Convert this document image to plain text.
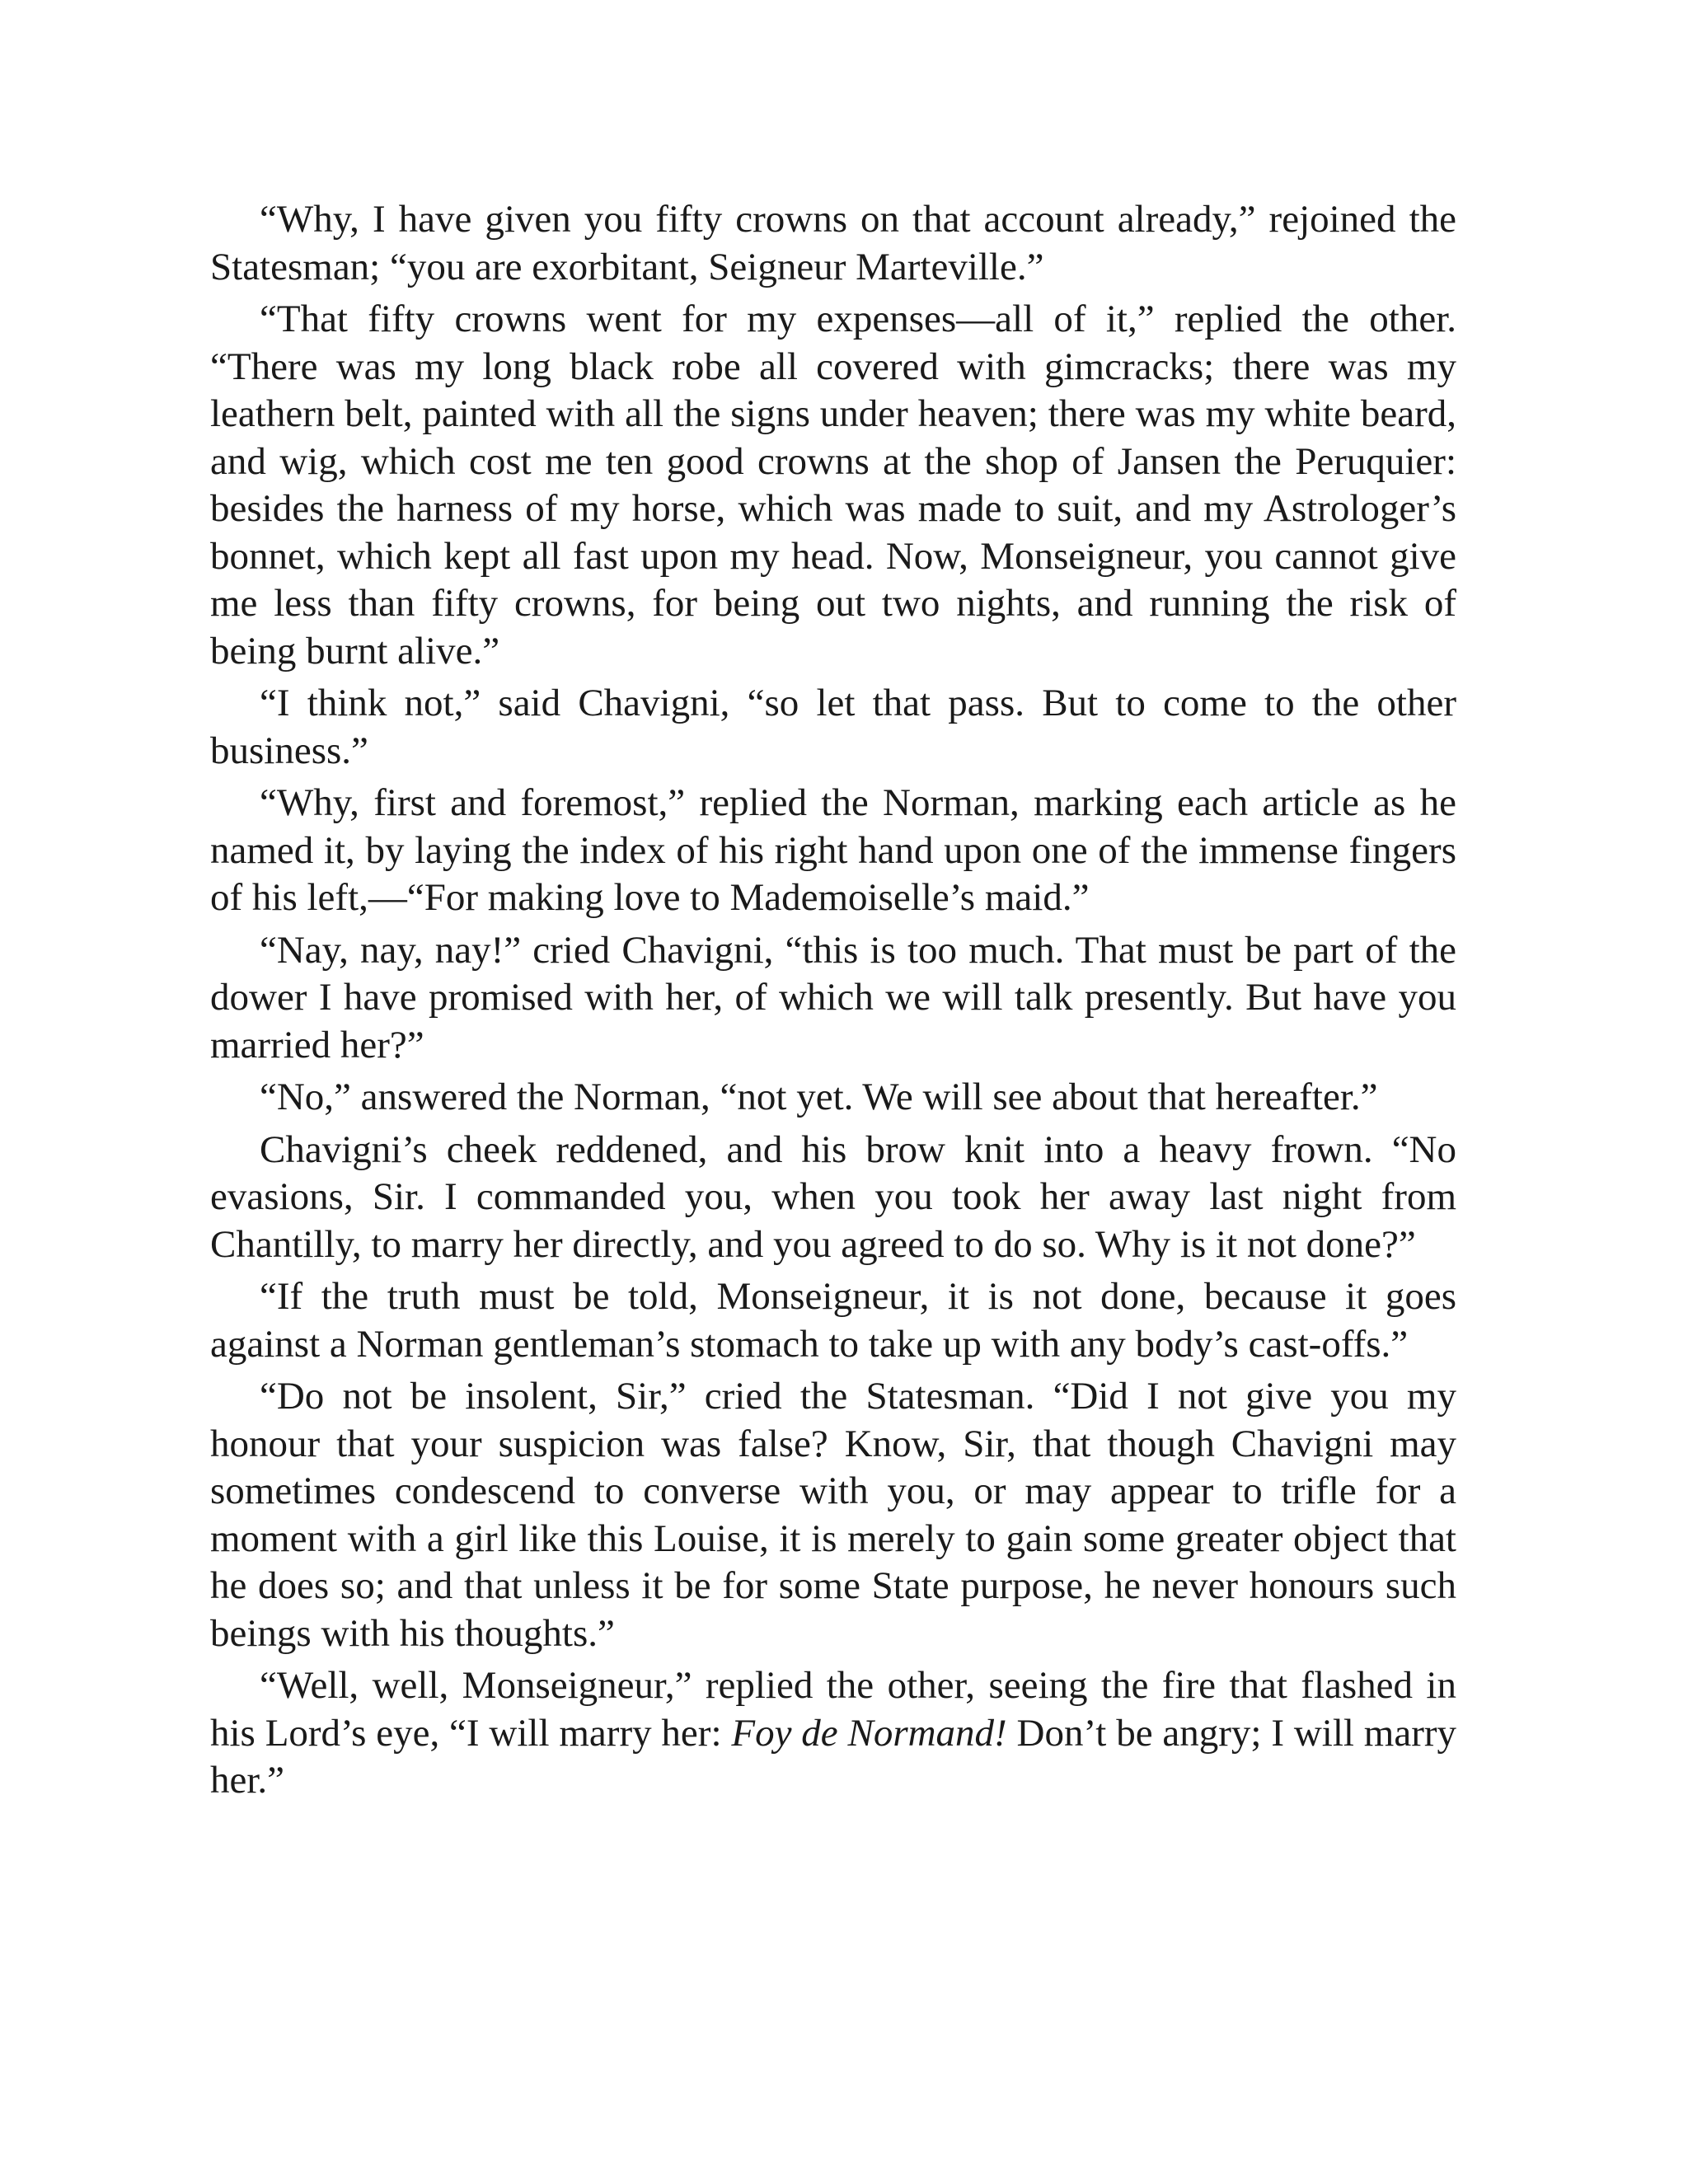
“Why, I have given you fifty crowns on that account already,” rejoined the Statesman; “you are exorbitant, Seigneur Marteville.”

“That fifty crowns went for my expenses—all of it,” replied the other. “There was my long black robe all covered with gimcracks; there was my leathern belt, painted with all the signs under heaven; there was my white beard, and wig, which cost me ten good crowns at the shop of Jansen the Peruquier: besides the harness of my horse, which was made to suit, and my Astrologer’s bonnet, which kept all fast upon my head. Now, Monseigneur, you cannot give me less than fifty crowns, for being out two nights, and running the risk of being burnt alive.”

“I think not,” said Chavigni, “so let that pass. But to come to the other business.”

“Why, first and foremost,” replied the Norman, marking each article as he named it, by laying the index of his right hand upon one of the immense fingers of his left,—“For making love to Mademoiselle’s maid.”

“Nay, nay, nay!” cried Chavigni, “this is too much. That must be part of the dower I have promised with her, of which we will talk presently. But have you married her?”

“No,” answered the Norman, “not yet. We will see about that hereafter.”

Chavigni’s cheek reddened, and his brow knit into a heavy frown. “No evasions, Sir. I commanded you, when you took her away last night from Chantilly, to marry her directly, and you agreed to do so. Why is it not done?”

“If the truth must be told, Monseigneur, it is not done, because it goes against a Norman gentleman’s stomach to take up with any body’s cast-offs.”

“Do not be insolent, Sir,” cried the Statesman. “Did I not give you my honour that your suspicion was false? Know, Sir, that though Chavigni may sometimes condescend to converse with you, or may appear to trifle for a moment with a girl like this Louise, it is merely to gain some greater object that he does so; and that unless it be for some State purpose, he never honours such beings with his thoughts.”

“Well, well, Monseigneur,” replied the other, seeing the fire that flashed in his Lord’s eye, “I will marry her: Foy de Normand! Don’t be angry; I will marry her.”
